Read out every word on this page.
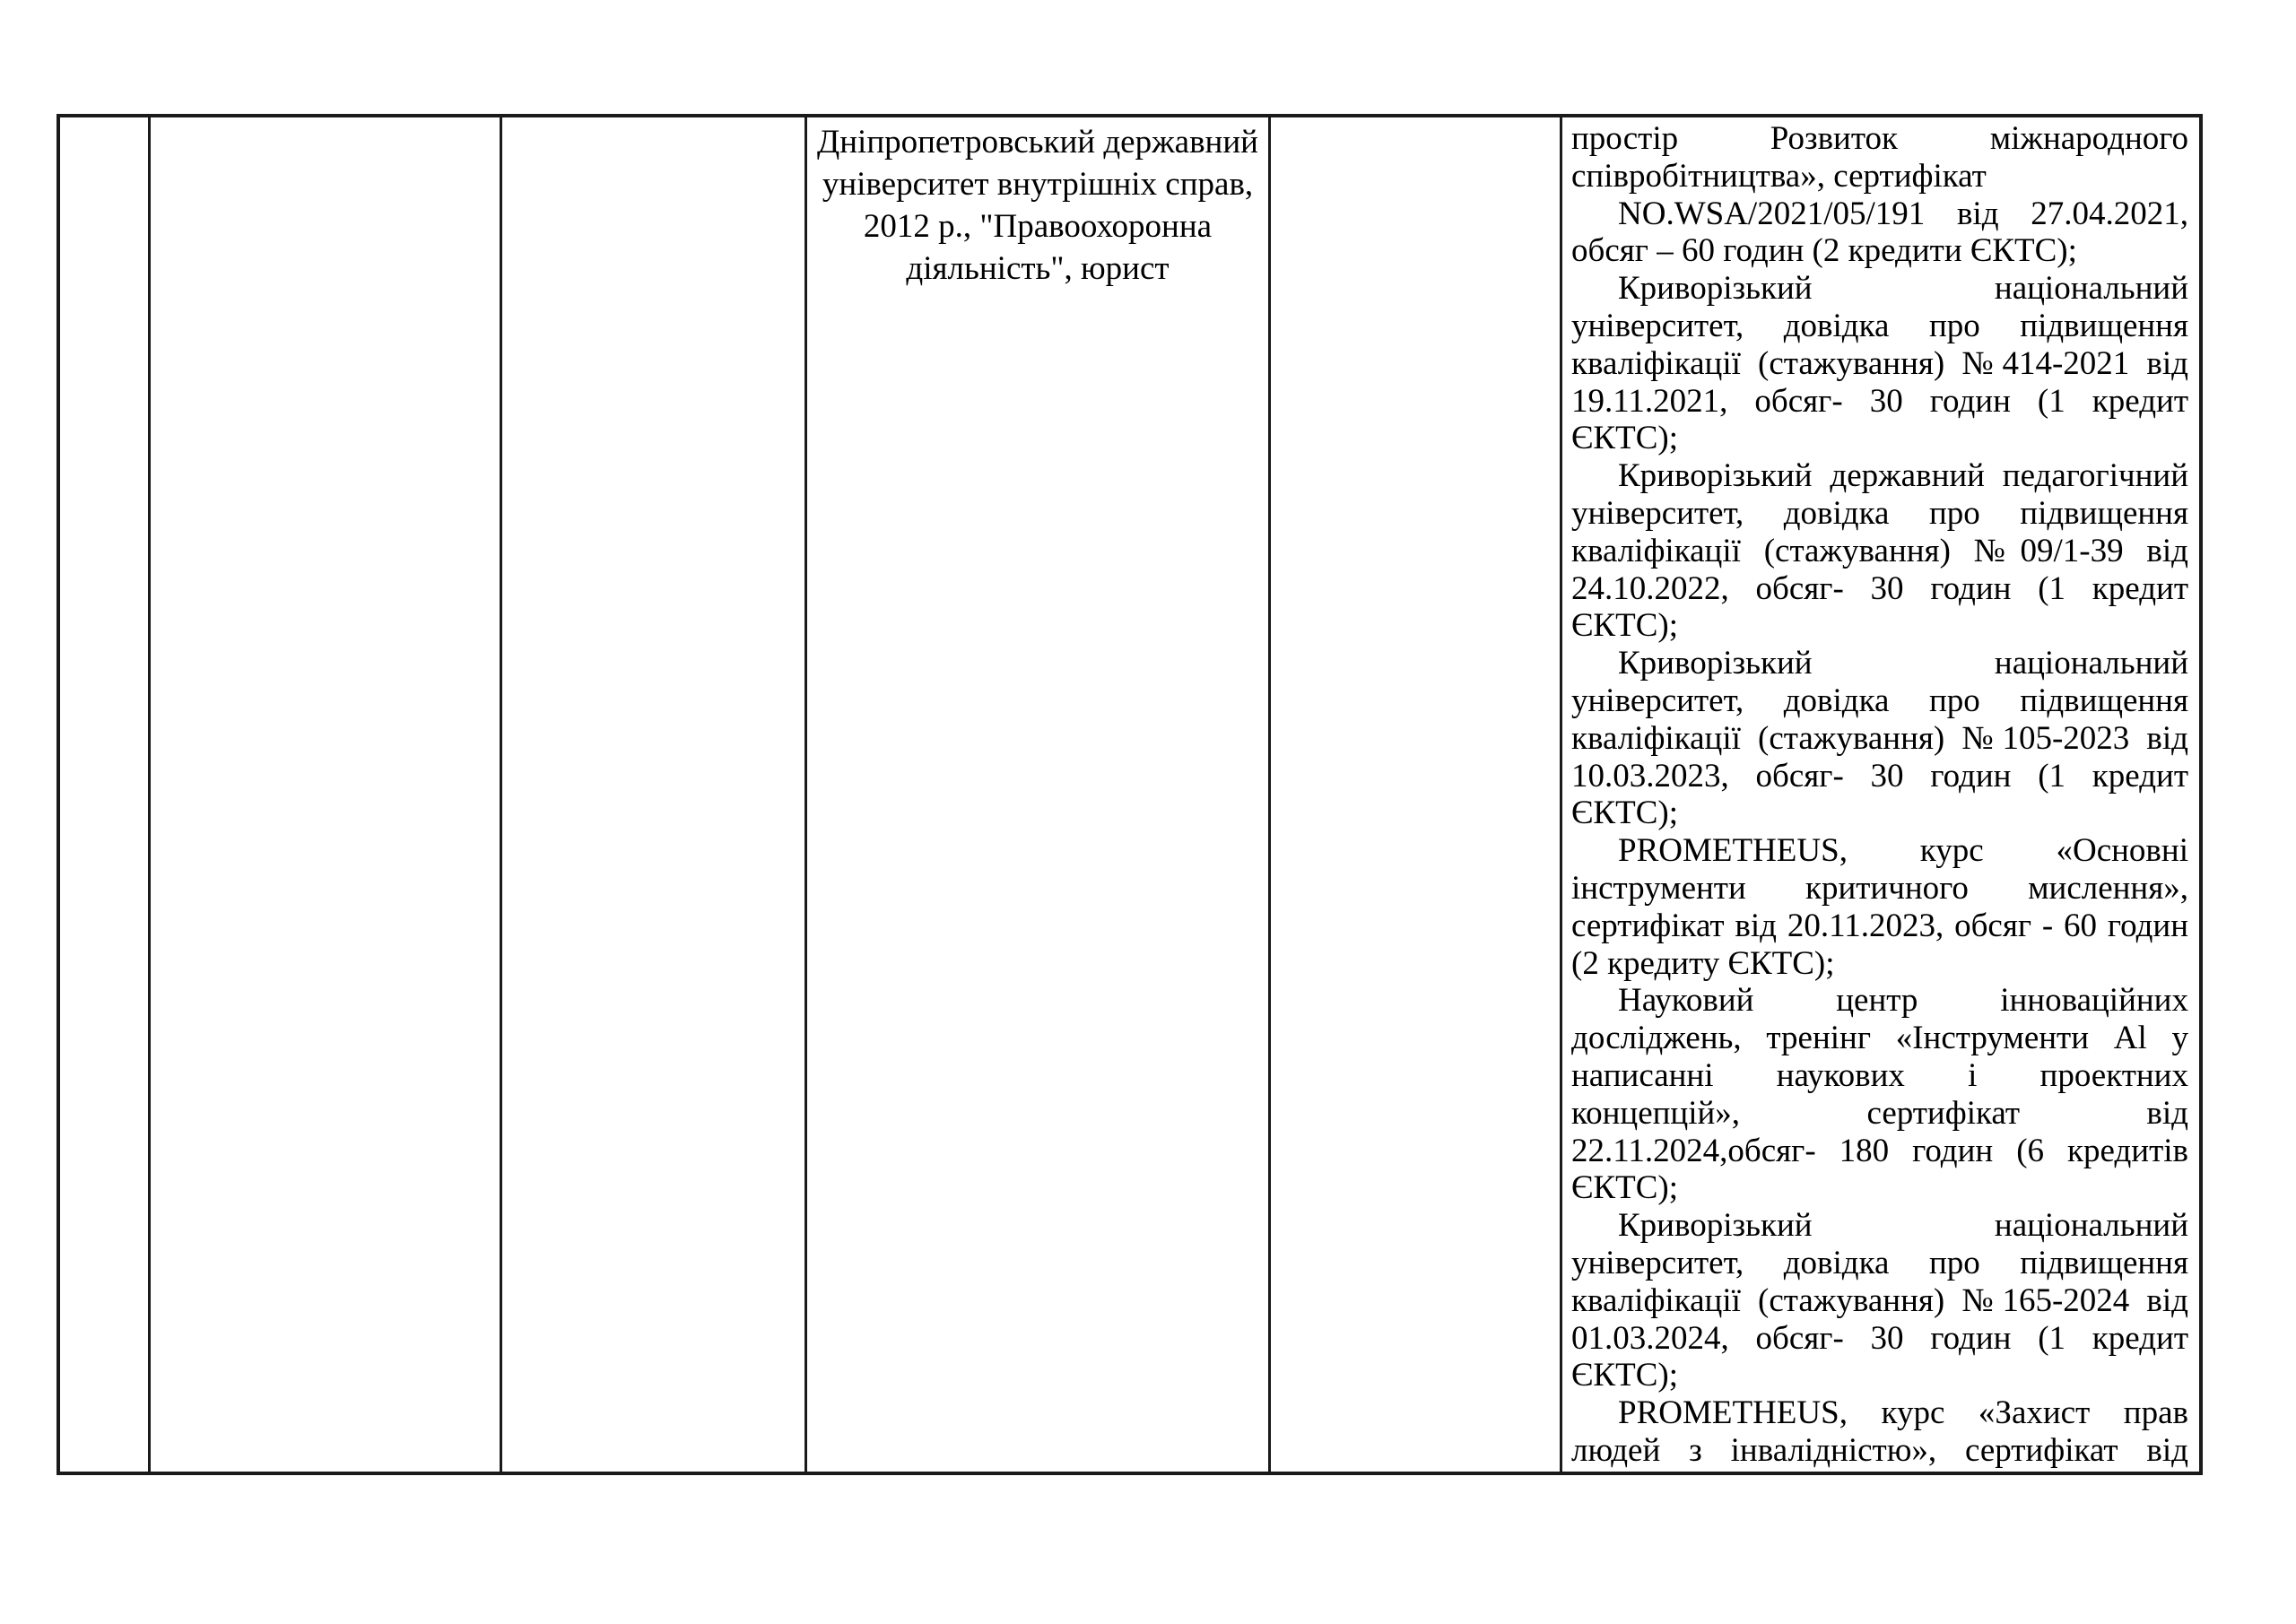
Дніпропетровський державний
університет внутрішніх справ,
2012 р., "Правоохоронна
діяльність", юрист
простір Розвиток міжнародного
співробітництва», сертифікат
NO.WSA/2021/05/191 від 27.04.2021,
обсяг – 60 годин (2 кредити ЄКТС);
Криворізький національний
університет, довідка про підвищення
кваліфікації (стажування) №414-2021 від
19.11.2021, обсяг- 30 годин (1 кредит
ЄКТС);
Криворізький державний педагогічний
університет, довідка про підвищення
кваліфікації (стажування) №09/1-39 від
24.10.2022, обсяг- 30 годин (1 кредит
ЄКТС);
Криворізький національний
університет, довідка про підвищення
кваліфікації (стажування) №105-2023 від
10.03.2023, обсяг- 30 годин (1 кредит
ЄКТС);
PROMETHEUS, курс «Основні
інструменти критичного мислення»,
сертифікат від 20.11.2023, обсяг - 60 годин
(2 кредиту ЄКТС);
Науковий центр інноваційних
досліджень, тренінг «Інструменти Al у
написанні наукових і проектних
концепцій», сертифікат від
22.11.2024,обсяг- 180 годин (6 кредитів
ЄКТС);
Криворізький національний
університет, довідка про підвищення
кваліфікації (стажування) №165-2024 від
01.03.2024, обсяг- 30 годин (1 кредит
ЄКТС);
PROMETHEUS, курс «Захист прав
людей з інвалідністю», сертифікат від
